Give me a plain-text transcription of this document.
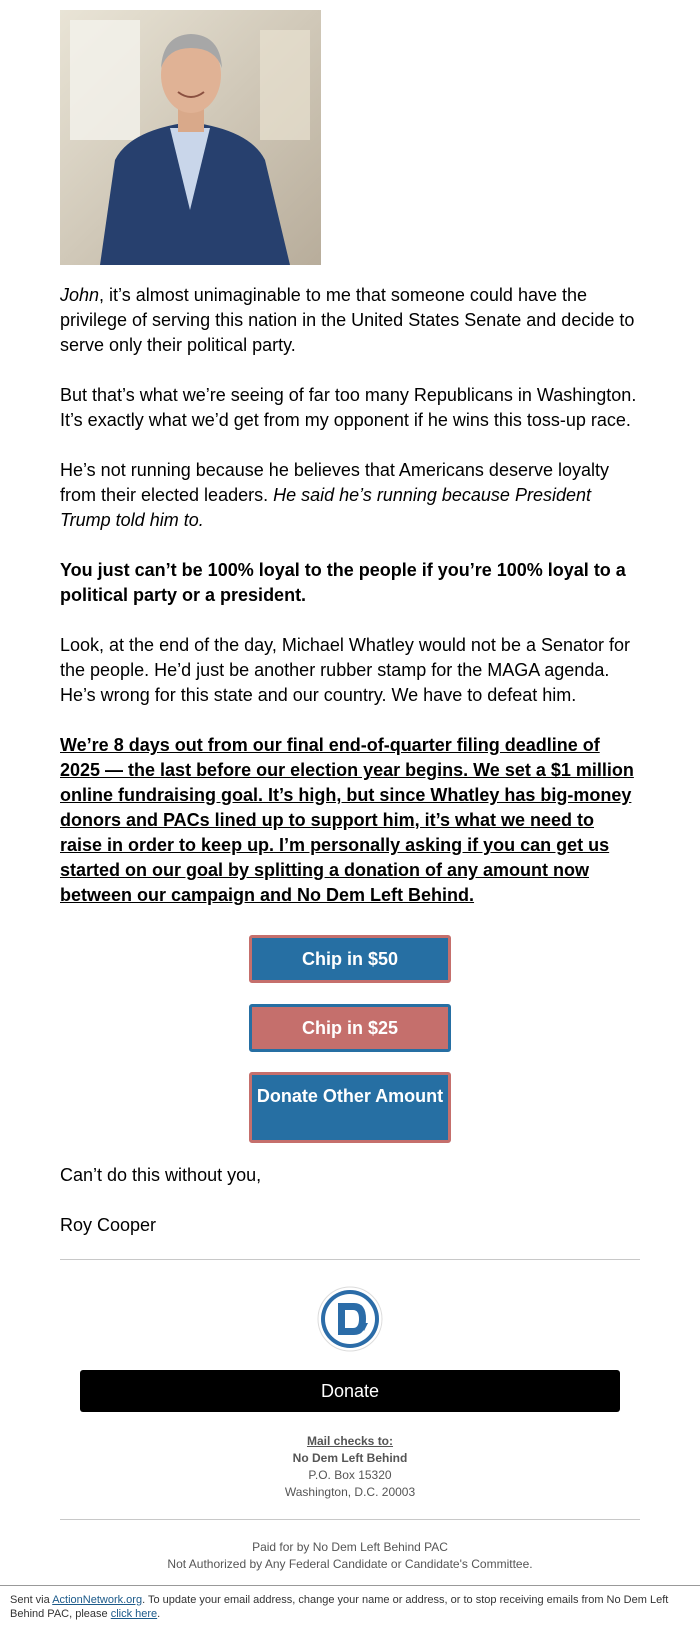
John, it’s almost unimaginable to me that someone could have the privilege of serving this nation in the United States Senate and decide to serve only their political party.

But that’s what we’re seeing of far too many Republicans in Washington. It’s exactly what we’d get from my opponent if he wins this toss-up race.

He’s not running because he believes that Americans deserve loyalty from their elected leaders. He said he’s running because President Trump told him to.

You just can’t be 100% loyal to the people if you’re 100% loyal to a political party or a president.

Look, at the end of the day, Michael Whatley would not be a Senator for the people. He’d just be another rubber stamp for the MAGA agenda. He’s wrong for this state and our country. We have to defeat him.

We’re 8 days out from our final end-of-quarter filing deadline of 2025 — the last before our election year begins. We set a $1 million online fundraising goal. It’s high, but since Whatley has big-money donors and PACs lined up to support him, it’s what we need to raise in order to keep up. I’m personally asking if you can get us started on our goal by splitting a donation of any amount now between our campaign and No Dem Left Behind.

Chip in $50
Chip in $25
Donate Other Amount

Can’t do this without you,

Roy Cooper

Donate
Mail checks to:
No Dem Left Behind
P.O. Box 15320
Washington, D.C. 20003
Paid for by No Dem Left Behind PAC
Not Authorized by Any Federal Candidate or Candidate's Committee.
Sent via ActionNetwork.org. To update your email address, change your name or address, or to stop receiving emails from No Dem Left Behind PAC, please click here.
